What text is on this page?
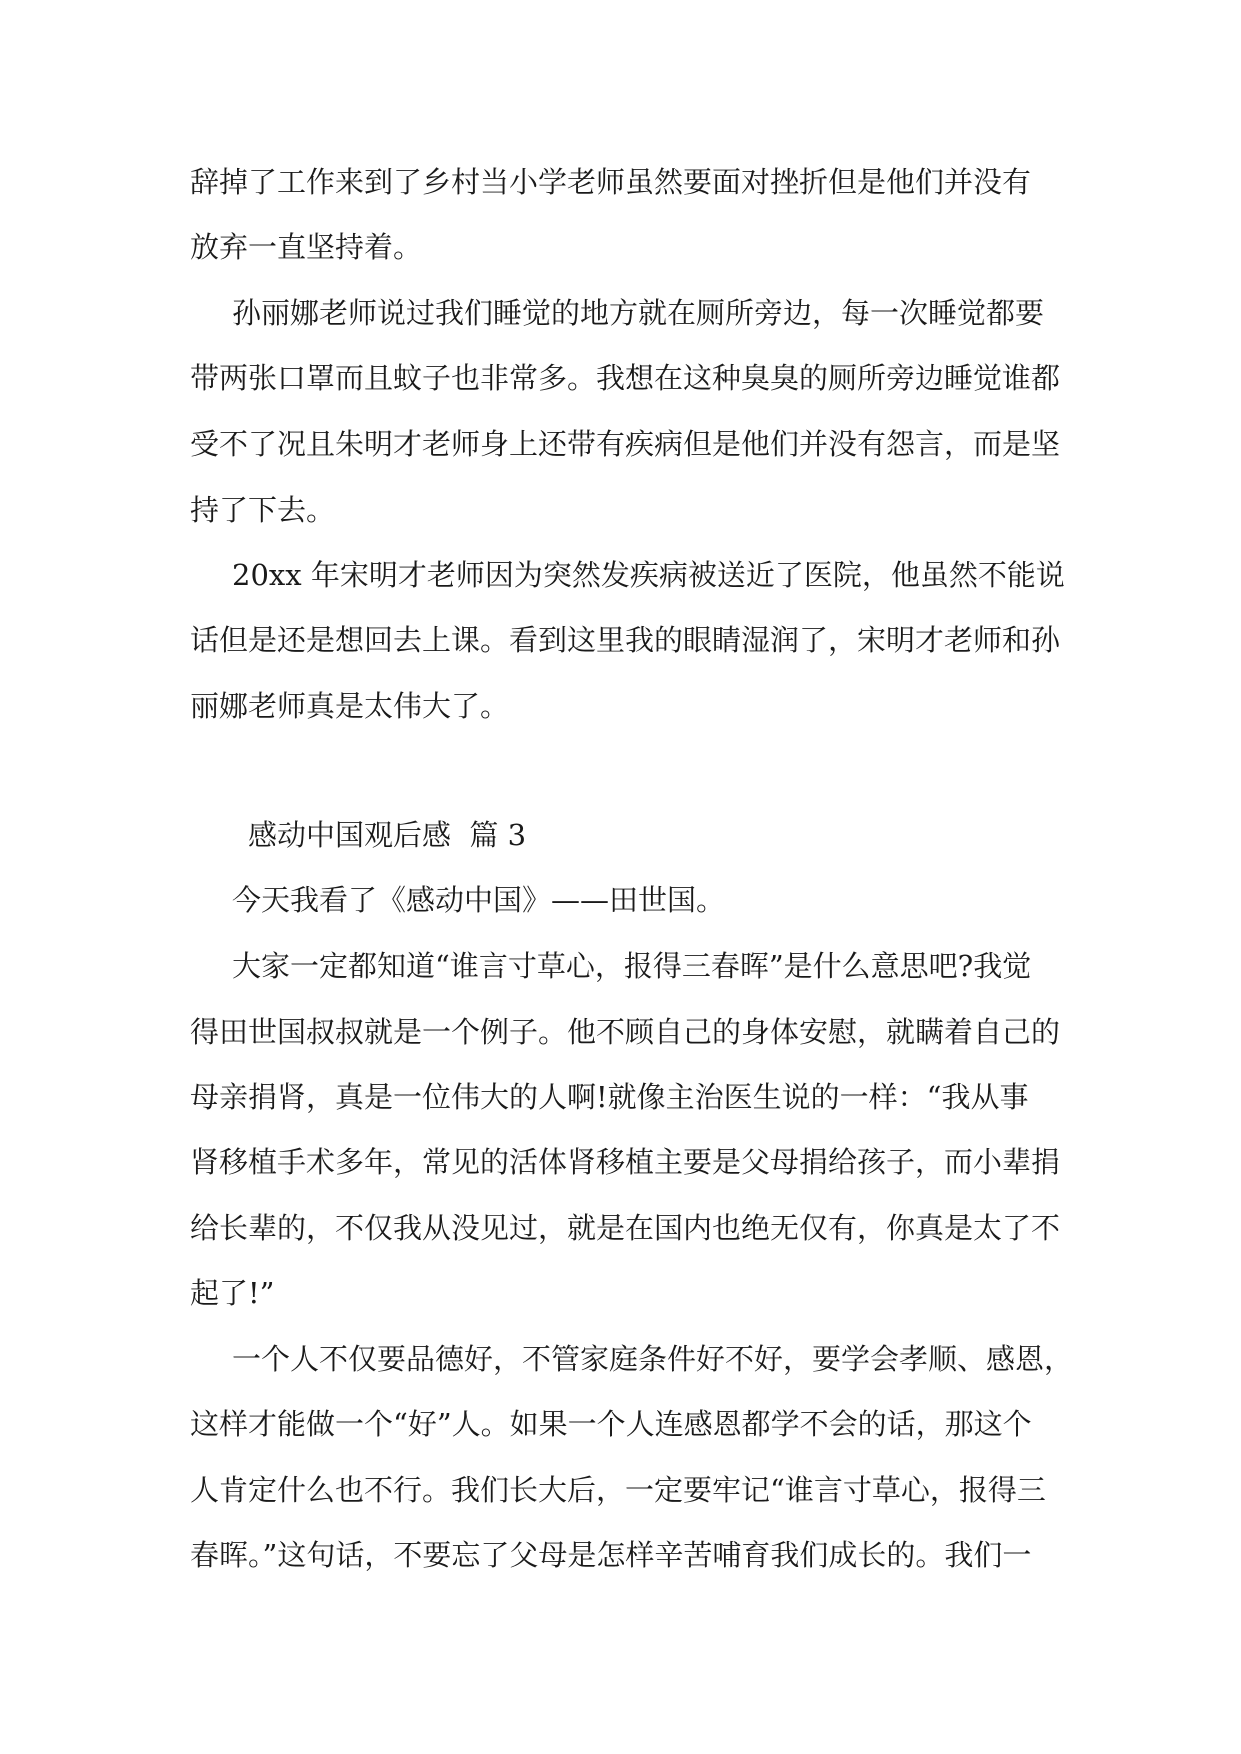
辞掉了工作来到了乡村当小学老师虽然要面对挫折但是他们并没有

放弃一直坚持着。

孙丽娜老师说过我们睡觉的地方就在厕所旁边，每一次睡觉都要

带两张口罩而且蚊子也非常多。我想在这种臭臭的厕所旁边睡觉谁都

受不了况且朱明才老师身上还带有疾病但是他们并没有怨言，而是坚

持了下去。

20xx 年宋明才老师因为突然发疾病被送近了医院，他虽然不能说

话但是还是想回去上课。看到这里我的眼睛湿润了，宋明才老师和孙

丽娜老师真是太伟大了。

感动中国观后感  篇 3

今天我看了《感动中国》——田世国。

大家一定都知道“谁言寸草心，报得三春晖”是什么意思吧?我觉

得田世国叔叔就是一个例子。他不顾自己的身体安慰，就瞒着自己的

母亲捐肾，真是一位伟大的人啊!就像主治医生说的一样：“我从事

肾移植手术多年，常见的活体肾移植主要是父母捐给孩子，而小辈捐

给长辈的，不仅我从没见过，就是在国内也绝无仅有，你真是太了不

起了!”

一个人不仅要品德好，不管家庭条件好不好，要学会孝顺、感恩，

这样才能做一个“好”人。如果一个人连感恩都学不会的话，那这个

人肯定什么也不行。我们长大后，一定要牢记“谁言寸草心，报得三

春晖。”这句话，不要忘了父母是怎样辛苦哺育我们成长的。我们一
